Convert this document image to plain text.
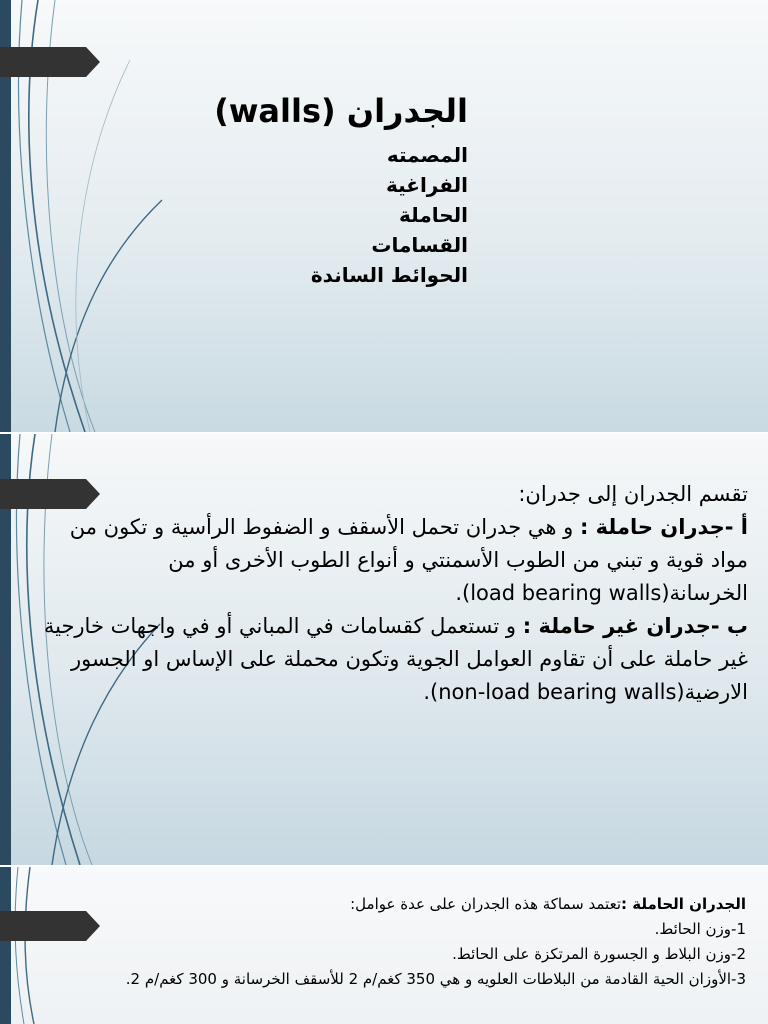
الجدران (walls)
المصمته
الفراغية
الحاملة
القسامات
الحوائط الساندة

تقسم الجدران إلى جدران:

أ -جدران حاملة : و هي جدران تحمل الأسقف و الضفوط الرأسية و تكون من مواد قوية و تبني من الطوب الأسمنتي و أنواع الطوب الأخرى أو من الخرسانة(load bearing walls).

ب -جدران غير حاملة : و تستعمل كقسامات في المباني أو في واجهات خارجية غير حاملة على أن تقاوم العوامل الجوية وتكون محملة على الإساس او الجسور الارضية(non-load bearing walls).

الجدران الحاملة :تعتمد سماكة هذه الجدران على عدة عوامل:

1-وزن الحائط.

2-وزن البلاط و الجسورة المرتكزة على الحائط.

3-الأوزان الحية القادمة من البلاطات العلويه و هي 350 كغم/م 2 للأسقف الخرسانة و 300 كغم/م 2.
